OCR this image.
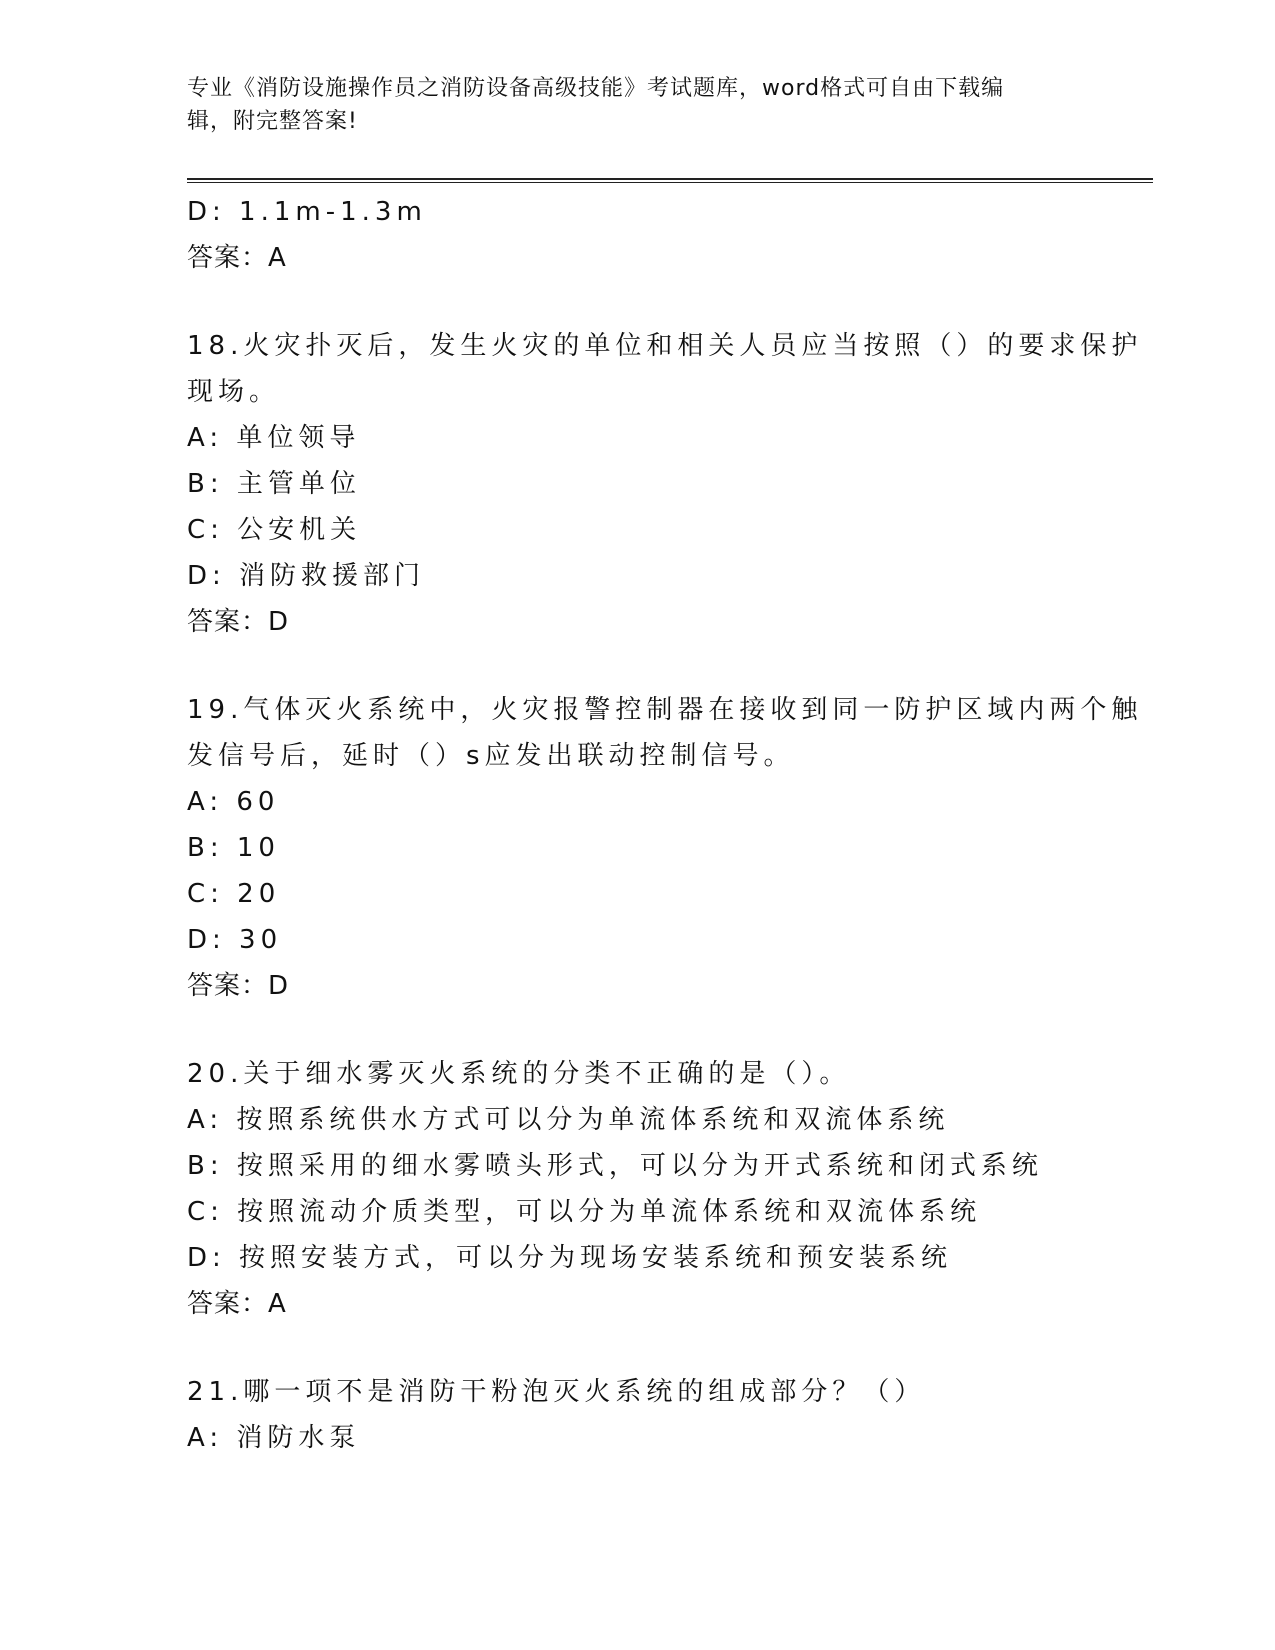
专业《消防设施操作员之消防设备高级技能》考试题库，word格式可自由下载编
辑，附完整答案!
D: 1.1m-1.3m
答案：A
18.火灾扑灭后，发生火灾的单位和相关人员应当按照（）的要求保护
现场。
A: 单位领导
B: 主管单位
C: 公安机关
D: 消防救援部门
答案：D
19.气体灭火系统中，火灾报警控制器在接收到同一防护区域内两个触
发信号后，延时（）s应发出联动控制信号。
A: 60
B: 10
C: 20
D: 30
答案：D
20.关于细水雾灭火系统的分类不正确的是（）。
A: 按照系统供水方式可以分为单流体系统和双流体系统
B: 按照采用的细水雾喷头形式，可以分为开式系统和闭式系统
C: 按照流动介质类型，可以分为单流体系统和双流体系统
D: 按照安装方式，可以分为现场安装系统和预安装系统
答案：A
21.哪一项不是消防干粉泡灭火系统的组成部分？（）
A: 消防水泵
